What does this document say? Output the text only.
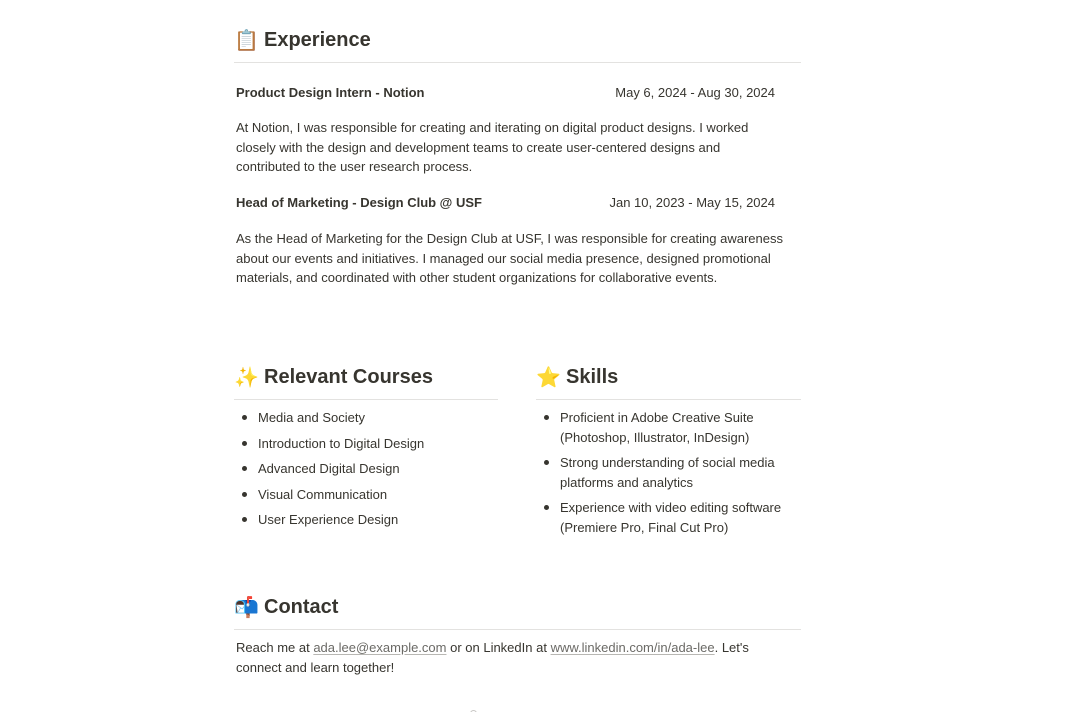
📋 Experience
Product Design Intern - Notion	May 6, 2024 - Aug 30, 2024
At Notion, I was responsible for creating and iterating on digital product designs. I worked closely with the design and development teams to create user-centered designs and contributed to the user research process.
Head of Marketing - Design Club @ USF	Jan 10, 2023 - May 15, 2024
As the Head of Marketing for the Design Club at USF, I was responsible for creating awareness about our events and initiatives. I managed our social media presence, designed promotional materials, and coordinated with other student organizations for collaborative events.
✨ Relevant Courses
Media and Society
Introduction to Digital Design
Advanced Digital Design
Visual Communication
User Experience Design
⭐ Skills
Proficient in Adobe Creative Suite (Photoshop, Illustrator, InDesign)
Strong understanding of social media platforms and analytics
Experience with video editing software (Premiere Pro, Final Cut Pro)
📬 Contact
Reach me at ada.lee@example.com or on LinkedIn at www.linkedin.com/in/ada-lee. Let's connect and learn together!
